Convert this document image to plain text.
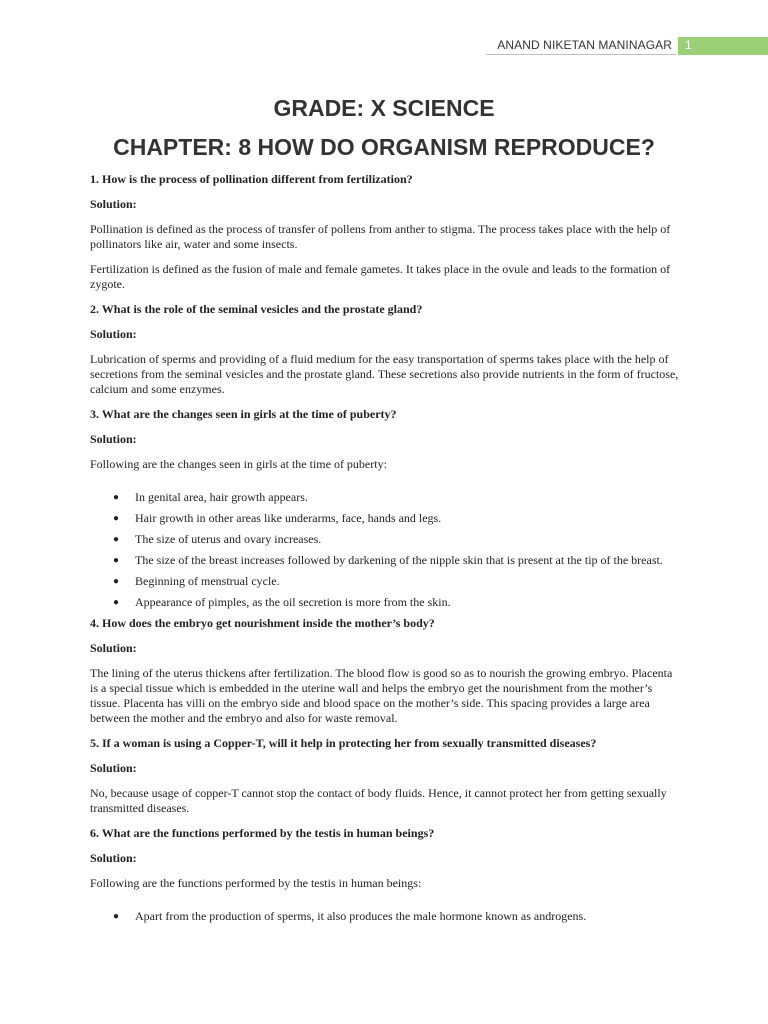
ANAND NIKETAN MANINAGAR 1
GRADE: X SCIENCE
CHAPTER: 8 HOW DO ORGANISM REPRODUCE?

1. How is the process of pollination different from fertilization?

Solution:

Pollination is defined as the process of transfer of pollens from anther to stigma. The process takes place with the help of pollinators like air, water and some insects.

Fertilization is defined as the fusion of male and female gametes. It takes place in the ovule and leads to the formation of zygote.

2. What is the role of the seminal vesicles and the prostate gland?

Solution:

Lubrication of sperms and providing of a fluid medium for the easy transportation of sperms takes place with the help of secretions from the seminal vesicles and the prostate gland. These secretions also provide nutrients in the form of fructose, calcium and some enzymes.

3. What are the changes seen in girls at the time of puberty?

Solution:

Following are the changes seen in girls at the time of puberty:

● In genital area, hair growth appears.
● Hair growth in other areas like underarms, face, hands and legs.
● The size of uterus and ovary increases.
● The size of the breast increases followed by darkening of the nipple skin that is present at the tip of the breast.
● Beginning of menstrual cycle.
● Appearance of pimples, as the oil secretion is more from the skin.

4. How does the embryo get nourishment inside the mother’s body?

Solution:

The lining of the uterus thickens after fertilization. The blood flow is good so as to nourish the growing embryo. Placenta is a special tissue which is embedded in the uterine wall and helps the embryo get the nourishment from the mother’s tissue. Placenta has villi on the embryo side and blood space on the mother’s side. This spacing provides a large area between the mother and the embryo and also for waste removal.

5. If a woman is using a Copper-T, will it help in protecting her from sexually transmitted diseases?

Solution:

No, because usage of copper-T cannot stop the contact of body fluids. Hence, it cannot protect her from getting sexually transmitted diseases.

6. What are the functions performed by the testis in human beings?

Solution:

Following are the functions performed by the testis in human beings:

● Apart from the production of sperms, it also produces the male hormone known as androgens.
